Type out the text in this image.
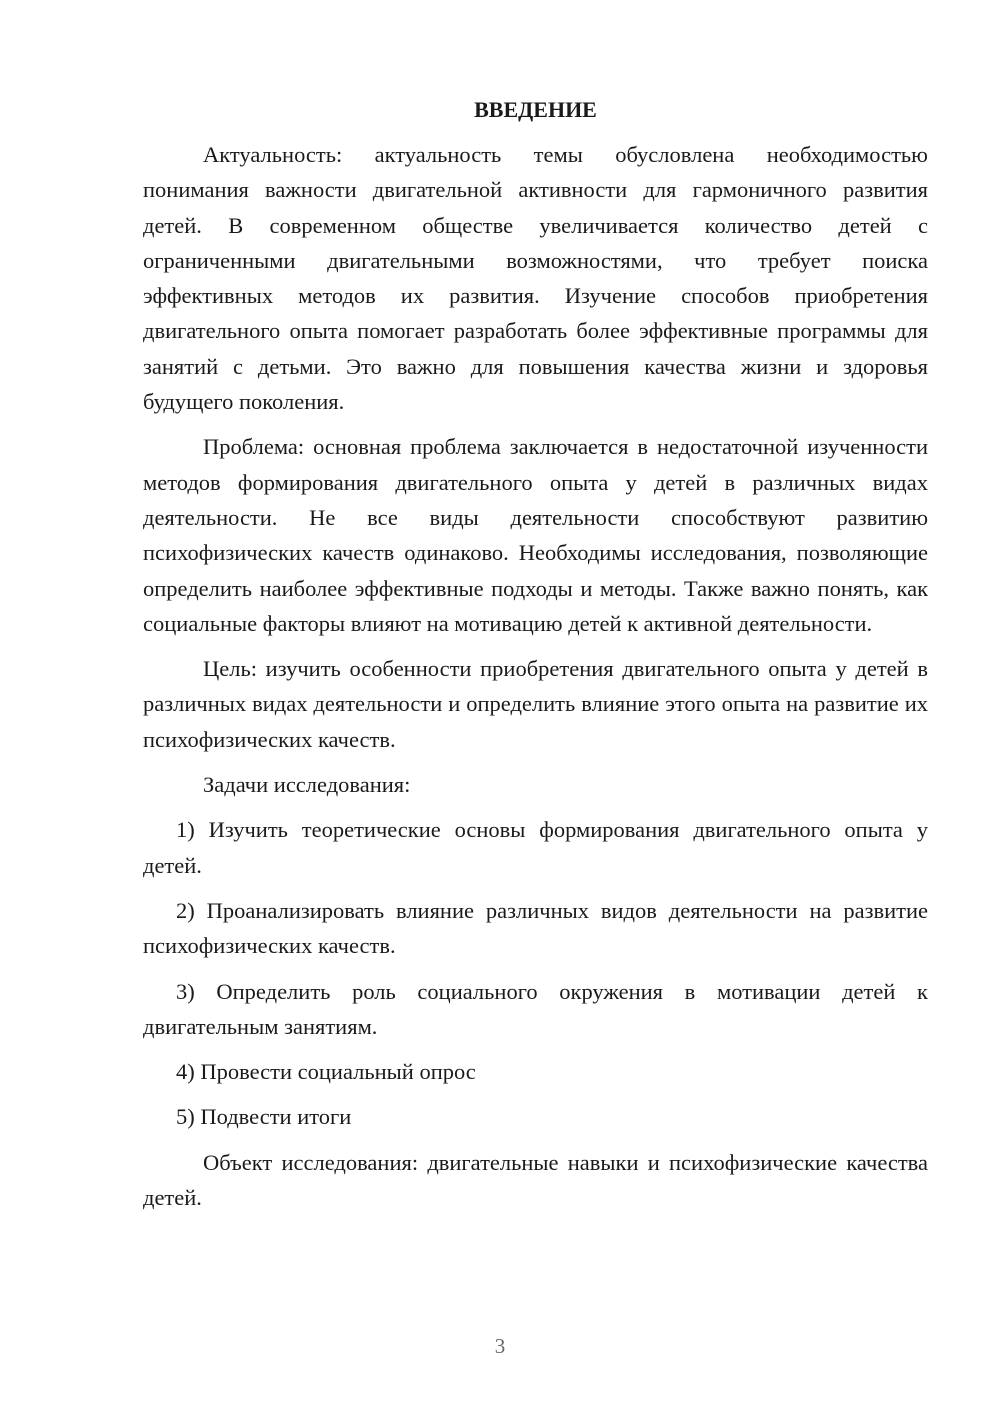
ВВЕДЕНИЕ
Актуальность: актуальность темы обусловлена необходимостью понимания важности двигательной активности для гармоничного развития детей. В современном обществе увеличивается количество детей с ограниченными двигательными возможностями, что требует поиска эффективных методов их развития. Изучение способов приобретения двигательного опыта помогает разработать более эффективные программы для занятий с детьми. Это важно для повышения качества жизни и здоровья будущего поколения.
Проблема: основная проблема заключается в недостаточной изученности методов формирования двигательного опыта у детей в различных видах деятельности. Не все виды деятельности способствуют развитию психофизических качеств одинаково. Необходимы исследования, позволяющие определить наиболее эффективные подходы и методы. Также важно понять, как социальные факторы влияют на мотивацию детей к активной деятельности.
Цель: изучить особенности приобретения двигательного опыта у детей в различных видах деятельности и определить влияние этого опыта на развитие их психофизических качеств.
Задачи исследования:
1) Изучить теоретические основы формирования двигательного опыта у детей.
2) Проанализировать влияние различных видов деятельности на развитие психофизических качеств.
3) Определить роль социального окружения в мотивации детей к двигательным занятиям.
4) Провести социальный опрос
5) Подвести итоги
Объект исследования: двигательные навыки и психофизические качества детей.
3
